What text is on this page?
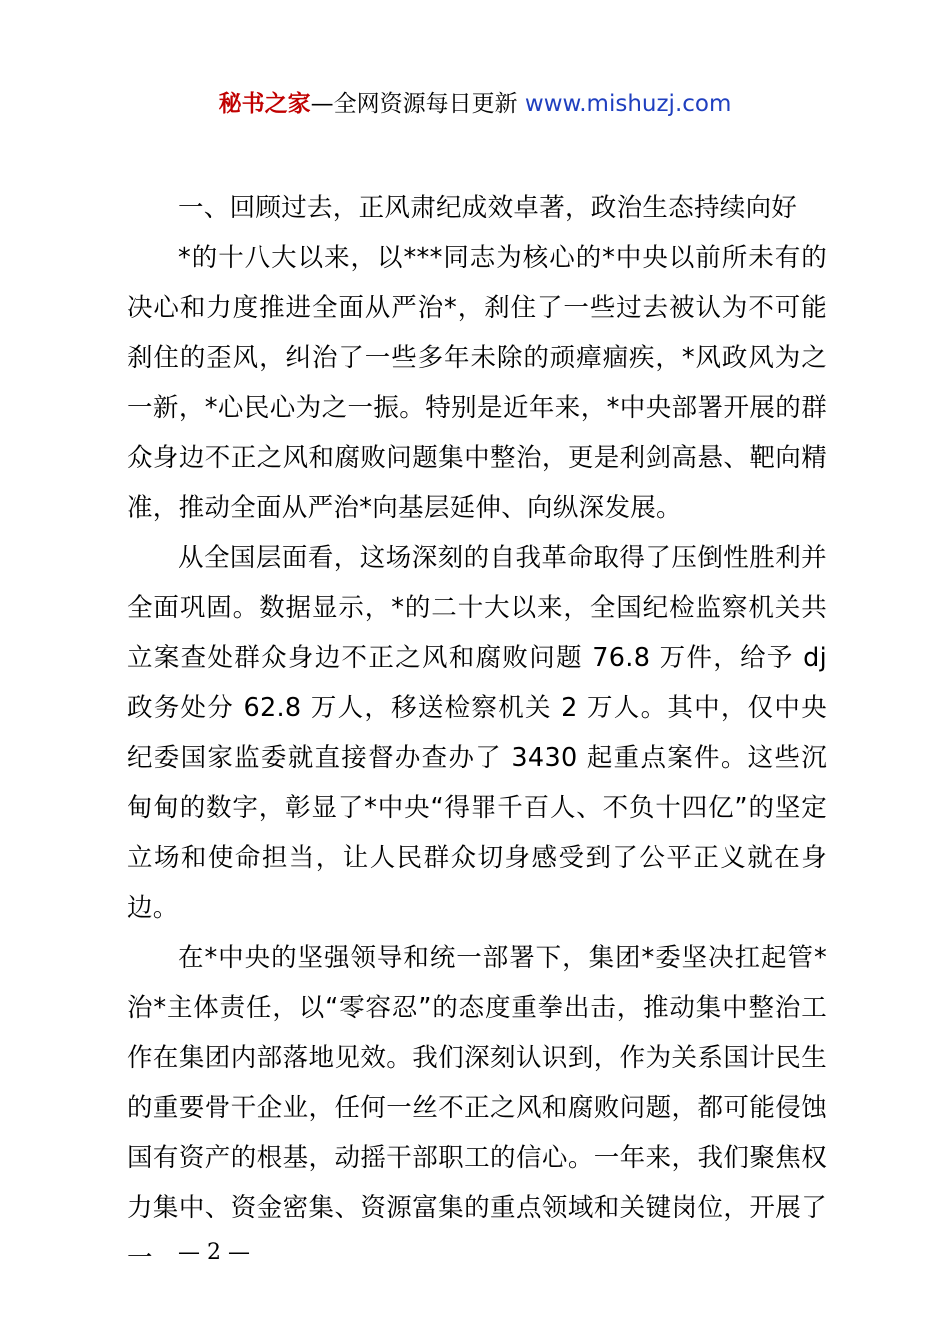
秘书之家—全网资源每日更新 www.mishuzj.com

一、回顾过去，正风肃纪成效卓著，政治生态持续向好

*的十八大以来，以***同志为核心的*中央以前所未有的决心和力度推进全面从严治*，刹住了一些过去被认为不可能刹住的歪风，纠治了一些多年未除的顽瘴痼疾，*风政风为之一新，*心民心为之一振。特别是近年来，*中央部署开展的群众身边不正之风和腐败问题集中整治，更是利剑高悬、靶向精准，推动全面从严治*向基层延伸、向纵深发展。

从全国层面看，这场深刻的自我革命取得了压倒性胜利并全面巩固。数据显示，*的二十大以来，全国纪检监察机关共立案查处群众身边不正之风和腐败问题 76.8 万件，给予 dj 政务处分 62.8 万人，移送检察机关 2 万人。其中，仅中央纪委国家监委就直接督办查办了 3430 起重点案件。这些沉甸甸的数字，彰显了*中央“得罪千百人、不负十四亿”的坚定立场和使命担当，让人民群众切身感受到了公平正义就在身边。

在*中央的坚强领导和统一部署下，集团*委坚决扛起管*治*主体责任，以“零容忍”的态度重拳出击，推动集中整治工作在集团内部落地见效。我们深刻认识到，作为关系国计民生的重要骨干企业，任何一丝不正之风和腐败问题，都可能侵蚀国有资产的根基，动摇干部职工的信心。一年来，我们聚焦权力集中、资金密集、资源富集的重点领域和关键岗位，开展了一	— 2 —
